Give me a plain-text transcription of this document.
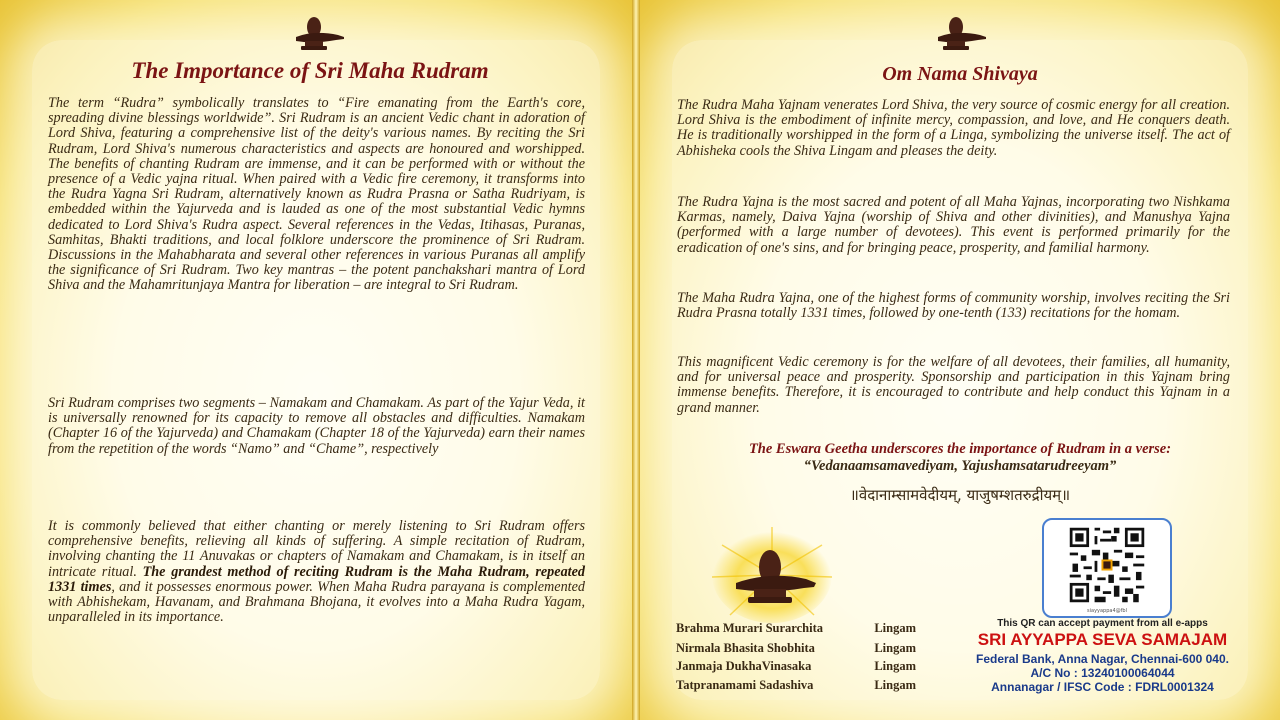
The Importance of Sri Maha Rudram

The term “Rudra” symbolically translates to “Fire emanating from the Earth's core, spreading divine blessings worldwide”. Sri Rudram is an ancient Vedic chant in adoration of Lord Shiva, featuring a comprehensive list of the deity's various names. By reciting the Sri Rudram, Lord Shiva's numerous characteristics and aspects are honoured and worshipped. The benefits of chanting Rudram are immense, and it can be performed with or without the presence of a Vedic yajna ritual. When paired with a Vedic fire ceremony, it transforms into the Rudra Yagna Sri Rudram, alternatively known as Rudra Prasna or Satha Rudriyam, is embedded within the Yajurveda and is lauded as one of the most substantial Vedic hymns dedicated to Lord Shiva's Rudra aspect. Several references in the Vedas, Itihasas, Puranas, Samhitas, Bhakti traditions, and local folklore underscore the prominence of Sri Rudram. Discussions in the Mahabharata and several other references in various Puranas all amplify the significance of Sri Rudram. Two key mantras – the potent panchakshari mantra of Lord Shiva and the Mahamritunjaya Mantra for liberation – are integral to Sri Rudram.

Sri Rudram comprises two segments – Namakam and Chamakam. As part of the Yajur Veda, it is universally renowned for its capacity to remove all obstacles and difficulties. Namakam (Chapter 16 of the Yajurveda) and Chamakam (Chapter 18 of the Yajurveda) earn their names from the repetition of the words “Namo” and “Chame”, respectively

It is commonly believed that either chanting or merely listening to Sri Rudram offers comprehensive benefits, relieving all kinds of suffering. A simple recitation of Rudram, involving chanting the 11 Anuvakas or chapters of Namakam and Chamakam, is in itself an intricate ritual. The grandest method of reciting Rudram is the Maha Rudram, repeated 1331 times, and it possesses enormous power. When Maha Rudra parayana is complemented with Abhishekam, Havanam, and Brahmana Bhojana, it evolves into a Maha Rudra Yagam, unparalleled in its importance.

Om Nama Shivaya

The Rudra Maha Yajnam venerates Lord Shiva, the very source of cosmic energy for all creation. Lord Shiva is the embodiment of infinite mercy, compassion, and love, and He conquers death. He is traditionally worshipped in the form of a Linga, symbolizing the universe itself. The act of Abhisheka cools the Shiva Lingam and pleases the deity.

The Rudra Yajna is the most sacred and potent of all Maha Yajnas, incorporating two Nishkama Karmas, namely, Daiva Yajna (worship of Shiva and other divinities), and Manushya Yajna (performed with a large number of devotees). This event is performed primarily for the eradication of one's sins, and for bringing peace, prosperity, and familial harmony.

The Maha Rudra Yajna, one of the highest forms of community worship, involves reciting the Sri Rudra Prasna totally 1331 times, followed by one-tenth (133) recitations for the homam.

This magnificent Vedic ceremony is for the welfare of all devotees, their families, all humanity, and for universal peace and prosperity. Sponsorship and participation in this Yajnam bring immense benefits. Therefore, it is encouraged to contribute and help conduct this Yajnam in a grand manner.

The Eswara Geetha underscores the importance of Rudram in a verse:
“Vedanaamsamavediyam, Yajushamsatarudreeyam”
॥वेदानाम्सामवेदीयम्, याजुषम्शतरुद्रीयम्॥
Brahma Murari Surarchita	Lingam
Nirmala Bhasita Shobhita	Lingam
Janmaja DukhaVinasaka	Lingam
Tatpranamami Sadashiva	Lingam
siayyappa4@fbl
This QR can accept payment from all e-apps
SRI AYYAPPA SEVA SAMAJAM
Federal Bank, Anna Nagar, Chennai-600 040.
A/C No : 13240100064044
Annanagar / IFSC Code : FDRL0001324
